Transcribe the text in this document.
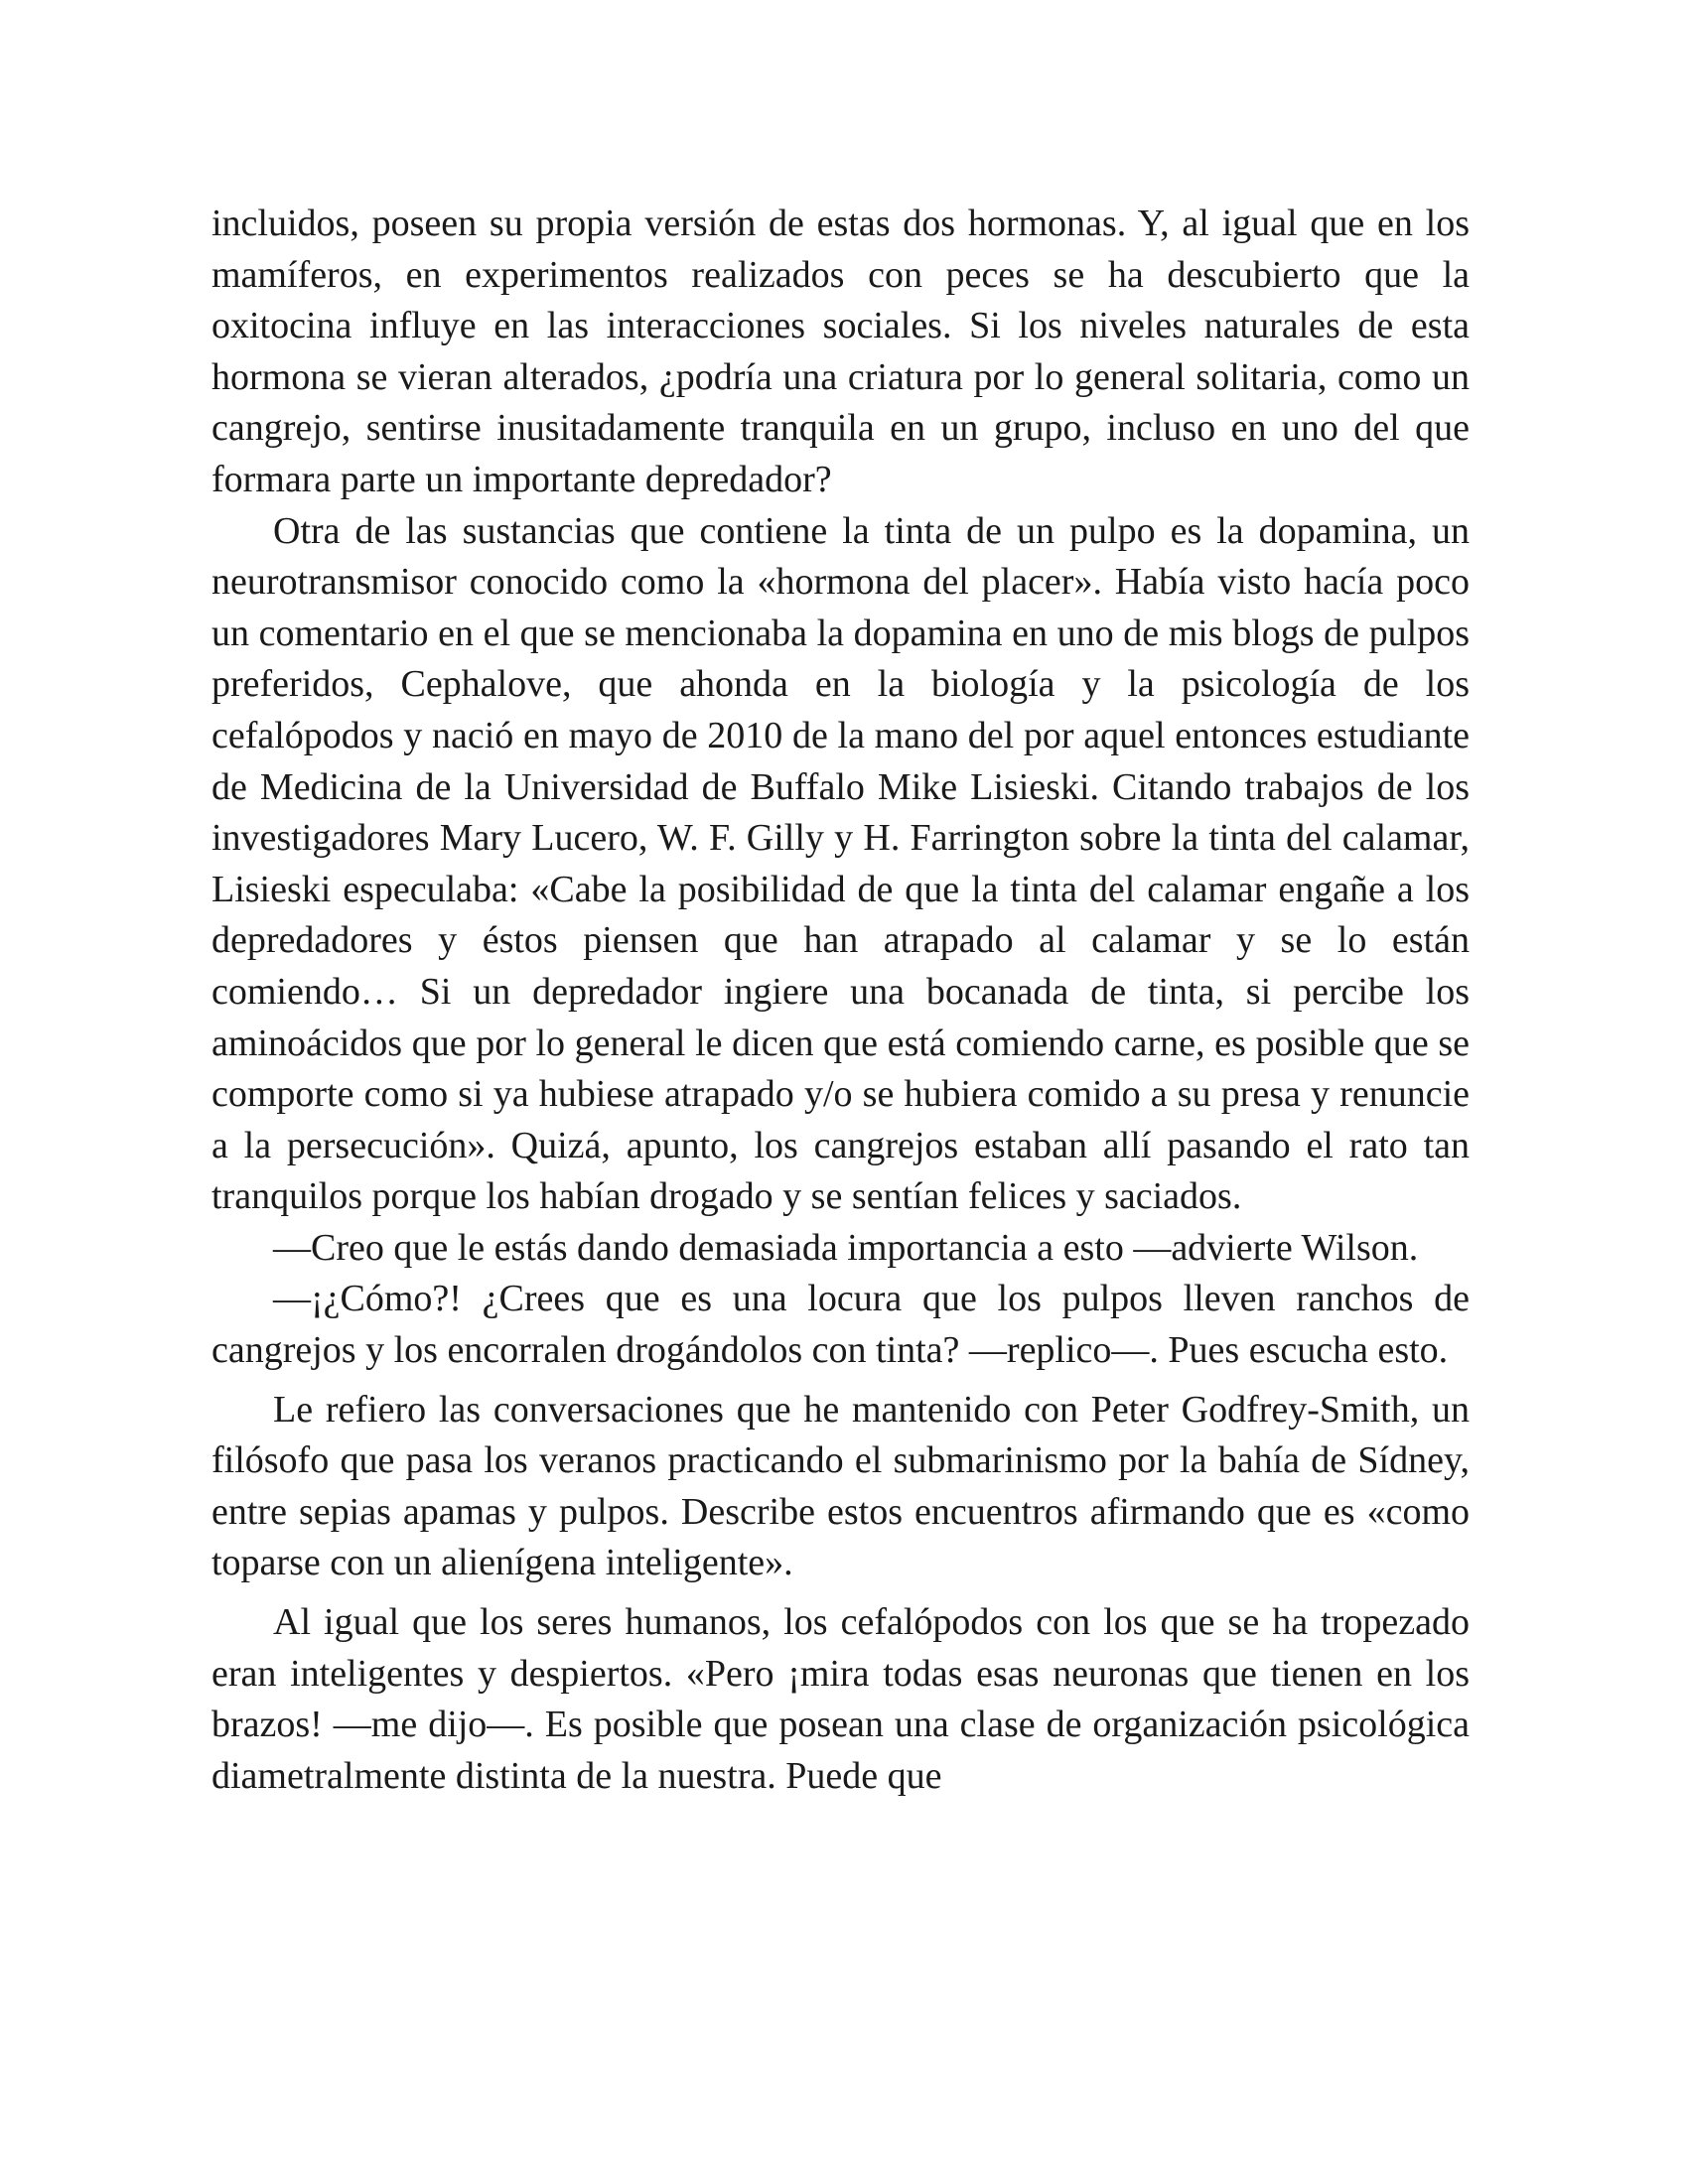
incluidos, poseen su propia versión de estas dos hormonas. Y, al igual que en los mamíferos, en experimentos realizados con peces se ha descubierto que la oxitocina influye en las interacciones sociales. Si los niveles naturales de esta hormona se vieran alterados, ¿podría una criatura por lo general solitaria, como un cangrejo, sentirse inusitadamente tranquila en un grupo, incluso en uno del que formara parte un importante depredador?

Otra de las sustancias que contiene la tinta de un pulpo es la dopamina, un neurotransmisor conocido como la «hormona del placer». Había visto hacía poco un comentario en el que se mencionaba la dopamina en uno de mis blogs de pulpos preferidos, Cephalove, que ahonda en la biología y la psicología de los cefalópodos y nació en mayo de 2010 de la mano del por aquel entonces estudiante de Medicina de la Universidad de Buffalo Mike Lisieski. Citando trabajos de los investigadores Mary Lucero, W. F. Gilly y H. Farrington sobre la tinta del calamar, Lisieski especulaba: «Cabe la posibilidad de que la tinta del calamar engañe a los depredadores y éstos piensen que han atrapado al calamar y se lo están comiendo… Si un depredador ingiere una bocanada de tinta, si percibe los aminoácidos que por lo general le dicen que está comiendo carne, es posible que se comporte como si ya hubiese atrapado y/o se hubiera comido a su presa y renuncie a la persecución». Quizá, apunto, los cangrejos estaban allí pasando el rato tan tranquilos porque los habían drogado y se sentían felices y saciados.

—Creo que le estás dando demasiada importancia a esto —advierte Wilson.

—¡¿Cómo?! ¿Crees que es una locura que los pulpos lleven ranchos de cangrejos y los encorralen drogándolos con tinta? —replico—. Pues escucha esto.

Le refiero las conversaciones que he mantenido con Peter Godfrey-Smith, un filósofo que pasa los veranos practicando el submarinismo por la bahía de Sídney, entre sepias apamas y pulpos. Describe estos encuentros afirmando que es «como toparse con un alienígena inteligente».

Al igual que los seres humanos, los cefalópodos con los que se ha tropezado eran inteligentes y despiertos. «Pero ¡mira todas esas neuronas que tienen en los brazos! —me dijo—. Es posible que posean una clase de organización psicológica diametralmente distinta de la nuestra. Puede que
